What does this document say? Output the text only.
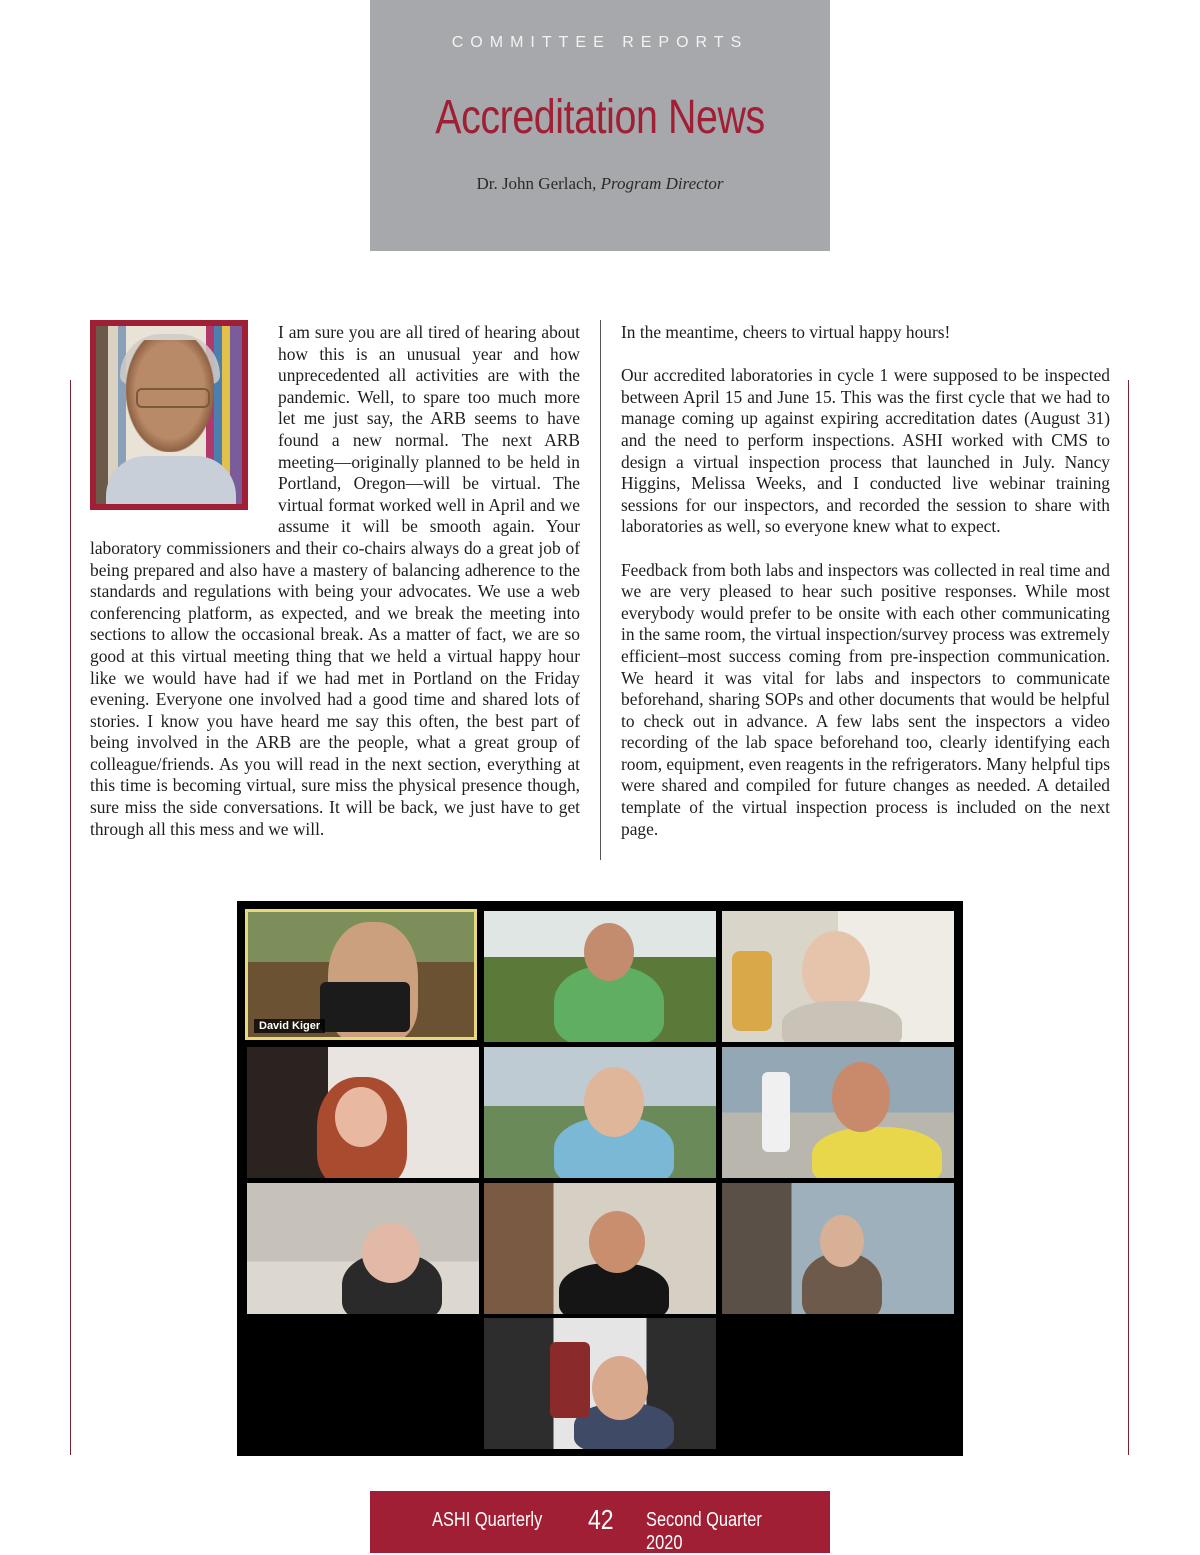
COMMITTEE REPORTS
Accreditation News
Dr. John Gerlach, Program Director

I am sure you are all tired of hearing about how this is an unusual year and how unprecedented all activities are with the pandemic. Well, to spare too much more let me just say, the ARB seems to have found a new normal. The next ARB meeting—originally planned to be held in Portland, Oregon—will be virtual. The virtual format worked well in April and we assume it will be smooth again. Your laboratory commissioners and their co-chairs always do a great job of being prepared and also have a mastery of balancing adherence to the standards and regulations with being your advocates. We use a web conferencing platform, as expected, and we break the meeting into sections to allow the occasional break. As a matter of fact, we are so good at this virtual meeting thing that we held a virtual happy hour like we would have had if we had met in Portland on the Friday evening. Everyone one involved had a good time and shared lots of stories. I know you have heard me say this often, the best part of being involved in the ARB are the people, what a great group of colleague/friends. As you will read in the next section, everything at this time is becoming virtual, sure miss the physical presence though, sure miss the side conversations. It will be back, we just have to get through all this mess and we will.

In the meantime, cheers to virtual happy hours!

Our accredited laboratories in cycle 1 were supposed to be inspected between April 15 and June 15. This was the first cycle that we had to manage coming up against expiring accreditation dates (August 31) and the need to perform inspections. ASHI worked with CMS to design a virtual inspection process that launched in July. Nancy Higgins, Melissa Weeks, and I conducted live webinar training sessions for our inspectors, and recorded the session to share with laboratories as well, so everyone knew what to expect.

Feedback from both labs and inspectors was collected in real time and we are very pleased to hear such positive responses. While most everybody would prefer to be onsite with each other communicating in the same room, the virtual inspection/survey process was extremely efficient–most success coming from pre-inspection communication. We heard it was vital for labs and inspectors to communicate beforehand, sharing SOPs and other documents that would be helpful to check out in advance. A few labs sent the inspectors a video recording of the lab space beforehand too, clearly identifying each room, equipment, even reagents in the refrigerators. Many helpful tips were shared and compiled for future changes as needed. A detailed template of the virtual inspection process is included on the next page.

David Kiger
ASHI Quarterly 42 Second Quarter 2020
